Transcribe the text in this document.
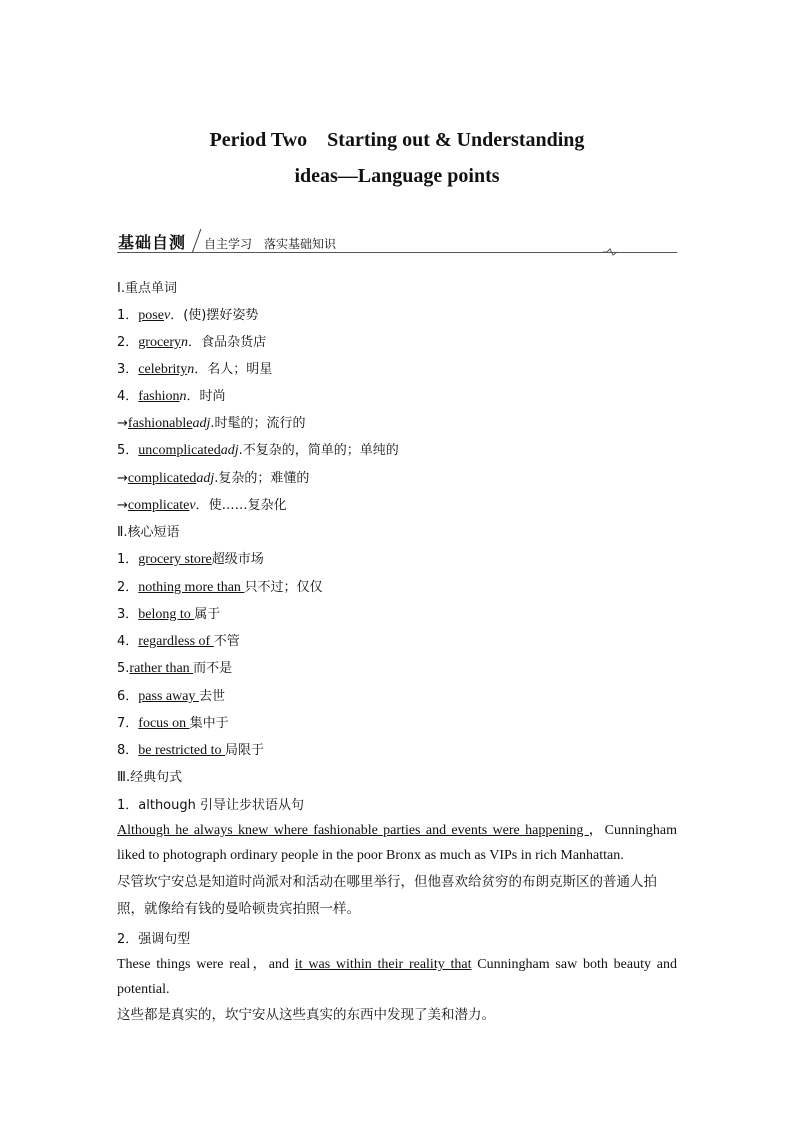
Period Two　Starting out & Understanding
ideas—Language points
基础自测 自主学习　落实基础知识
Ⅰ.重点单词
1．posev．(使)摆好姿势
2．groceryn．食品杂货店
3．celebrityn．名人；明星
4．fashionn．时尚
→fashionableadj.时髦的；流行的
5．uncomplicatedadj.不复杂的，简单的；单纯的
→complicatedadj.复杂的；难懂的
→complicatev．使……复杂化
Ⅱ.核心短语
1．grocery store超级市场
2．nothing more than 只不过；仅仅
3．belong to 属于
4．regardless of 不管
5.rather than 而不是
6．pass away 去世
7．focus on 集中于
8．be restricted to 局限于
Ⅲ.经典句式
1．although 引导让步状语从句
Although he always knew where fashionable parties and events were happening ，Cunningham liked to photograph ordinary people in the poor Bronx as much as VIPs in rich Manhattan.
尽管坎宁安总是知道时尚派对和活动在哪里举行，但他喜欢给贫穷的布朗克斯区的普通人拍照，就像给有钱的曼哈顿贵宾拍照一样。
2．强调句型
These things were real，and it was within their reality that Cunningham saw both beauty and potential.
这些都是真实的，坎宁安从这些真实的东西中发现了美和潜力。
